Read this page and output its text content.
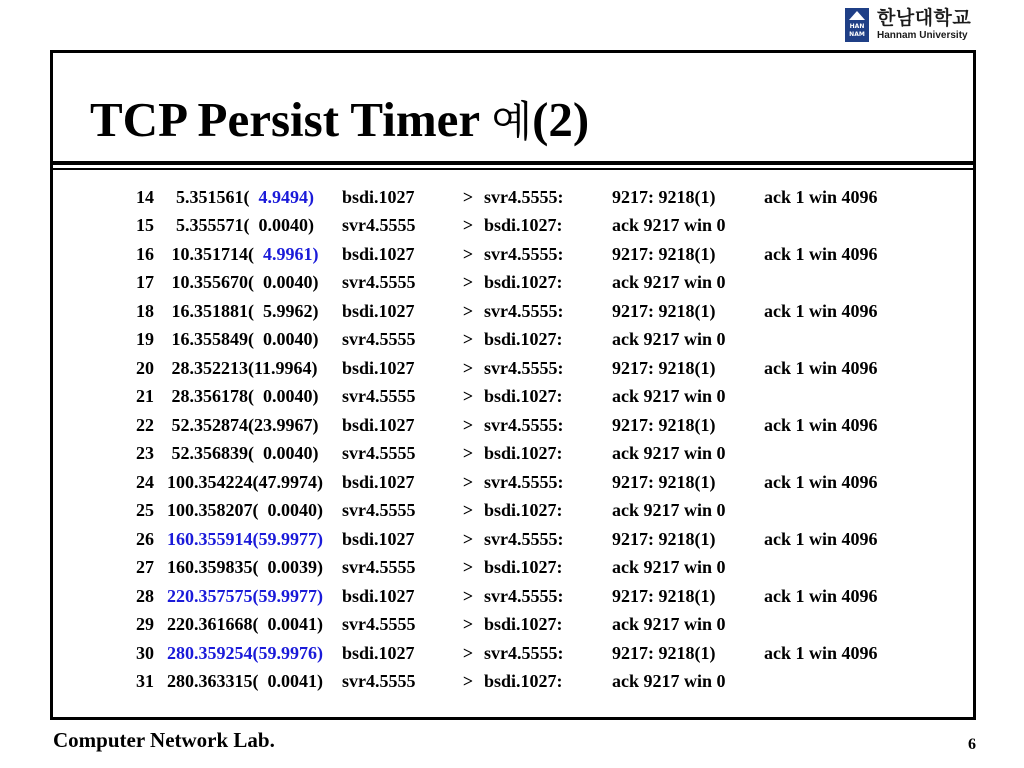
HAN
NAM
한남대학교
Hannam University
TCP Persist Timer 예(2)
14	5.351561(  4.9494)	bsdi.1027	>	svr4.5555:		9217: 9218(1)	ack 1 win 4096
15	5.355571(  0.0040)	svr4.5555	>	bsdi.1027:		ack 9217 win 0	
16	10.351714(  4.9961)	bsdi.1027	>	svr4.5555:		9217: 9218(1)	ack 1 win 4096
17	10.355670(  0.0040)	svr4.5555	>	bsdi.1027:		ack 9217 win 0	
18	16.351881(  5.9962)	bsdi.1027	>	svr4.5555:		9217: 9218(1)	ack 1 win 4096
19	16.355849(  0.0040)	svr4.5555	>	bsdi.1027:		ack 9217 win 0	
20	28.352213(11.9964)	bsdi.1027	>	svr4.5555:		9217: 9218(1)	ack 1 win 4096
21	28.356178(  0.0040)	svr4.5555	>	bsdi.1027:		ack 9217 win 0	
22	52.352874(23.9967)	bsdi.1027	>	svr4.5555:		9217: 9218(1)	ack 1 win 4096
23	52.356839(  0.0040)	svr4.5555	>	bsdi.1027:		ack 9217 win 0	
24	100.354224(47.9974)	bsdi.1027	>	svr4.5555:		9217: 9218(1)	ack 1 win 4096
25	100.358207(  0.0040)	svr4.5555	>	bsdi.1027:		ack 9217 win 0	
26	160.355914(59.9977)	bsdi.1027	>	svr4.5555:		9217: 9218(1)	ack 1 win 4096
27	160.359835(  0.0039)	svr4.5555	>	bsdi.1027:		ack 9217 win 0	
28	220.357575(59.9977)	bsdi.1027	>	svr4.5555:		9217: 9218(1)	ack 1 win 4096
29	220.361668(  0.0041)	svr4.5555	>	bsdi.1027:		ack 9217 win 0	
30	280.359254(59.9976)	bsdi.1027	>	svr4.5555:		9217: 9218(1)	ack 1 win 4096
31	280.363315(  0.0041)	svr4.5555	>	bsdi.1027:		ack 9217 win 0	
Computer Network Lab.	6
